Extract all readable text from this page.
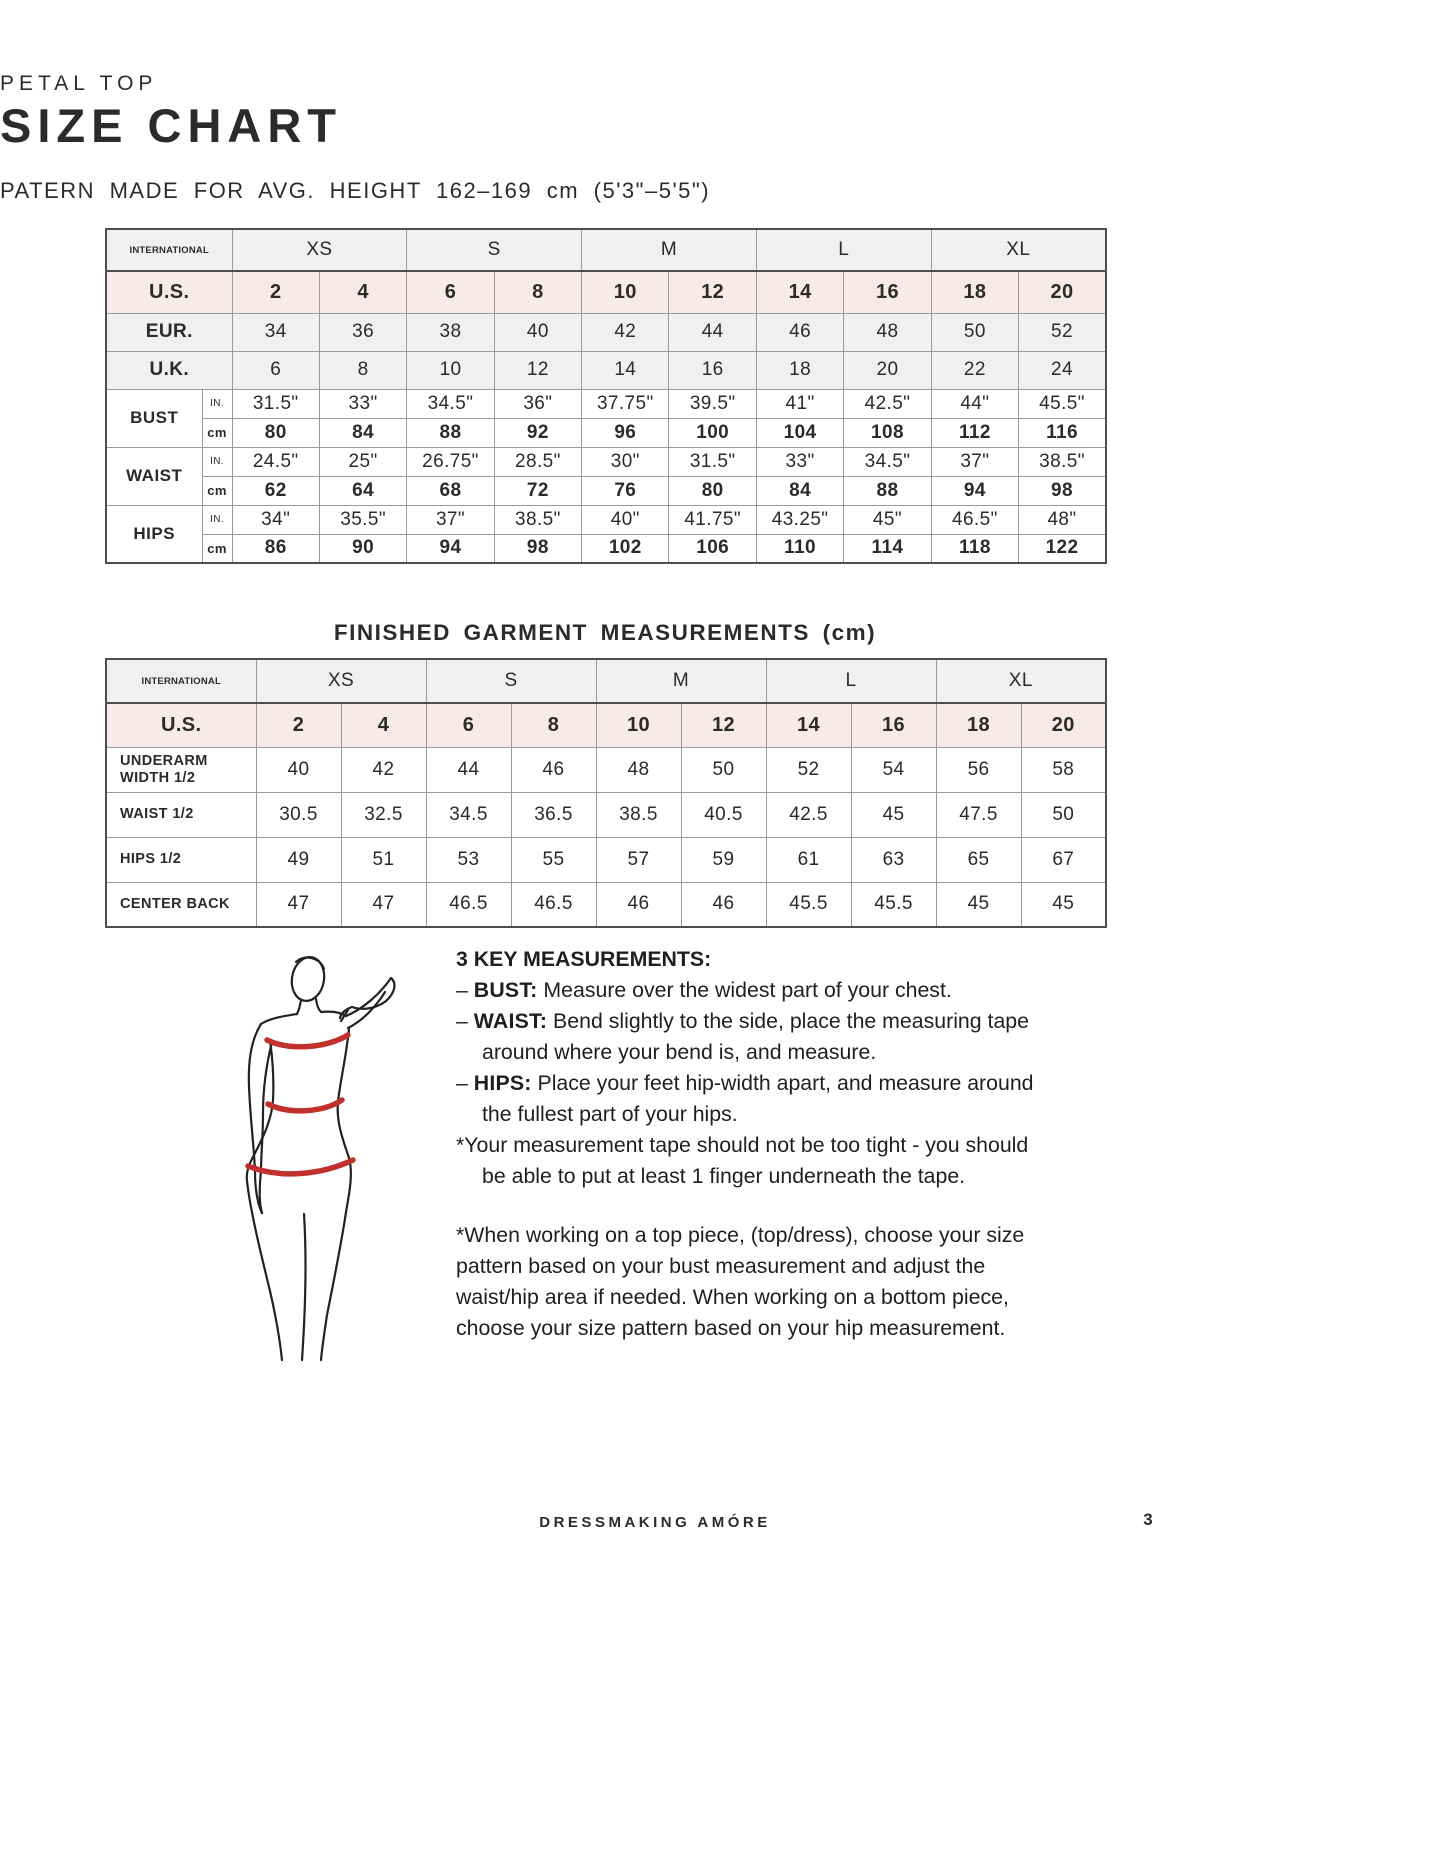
PETAL TOP
SIZE CHART
PATERN MADE FOR AVG. HEIGHT 162–169 cm (5'3"–5'5")
INTERNATIONAL		XS		S		M		L		XL	
U.S.		2	4	6	8	10	12	14	16	18	20
EUR.		34	36	38	40	42	44	46	48	50	52
U.K.		6	8	10	12	14	16	18	20	22	24
BUST	IN.	31.5"	33"	34.5"	36"	37.75"	39.5"	41"	42.5"	44"	45.5"
	cm	80	84	88	92	96	100	104	108	112	116
WAIST	IN.	24.5"	25"	26.75"	28.5"	30"	31.5"	33"	34.5"	37"	38.5"
	cm	62	64	68	72	76	80	84	88	94	98
HIPS	IN.	34"	35.5"	37"	38.5"	40"	41.75"	43.25"	45"	46.5"	48"
	cm	86	90	94	98	102	106	110	114	118	122
FINISHED GARMENT MEASUREMENTS (cm)
INTERNATIONAL	XS		S		M		L		XL	
U.S.	2	4	6	8	10	12	14	16	18	20
UNDERARM WIDTH 1/2	40	42	44	46	48	50	52	54	56	58
WAIST 1/2	30.5	32.5	34.5	36.5	38.5	40.5	42.5	45	47.5	50
HIPS 1/2	49	51	53	55	57	59	61	63	65	67
CENTER BACK	47	47	46.5	46.5	46	46	45.5	45.5	45	45
3 KEY MEASUREMENTS:
– BUST: Measure over the widest part of your chest.
– WAIST: Bend slightly to the side, place the measuring tape around where your bend is, and measure.
– HIPS: Place your feet hip-width apart, and measure around the fullest part of your hips.
*Your measurement tape should not be too tight - you should be able to put at least 1 finger underneath the tape.
*When working on a top piece, (top/dress), choose your size pattern based on your bust measurement and adjust the waist/hip area if needed. When working on a bottom piece, choose your size pattern based on your hip measurement.
DRESSMAKING AMÓRE	3
